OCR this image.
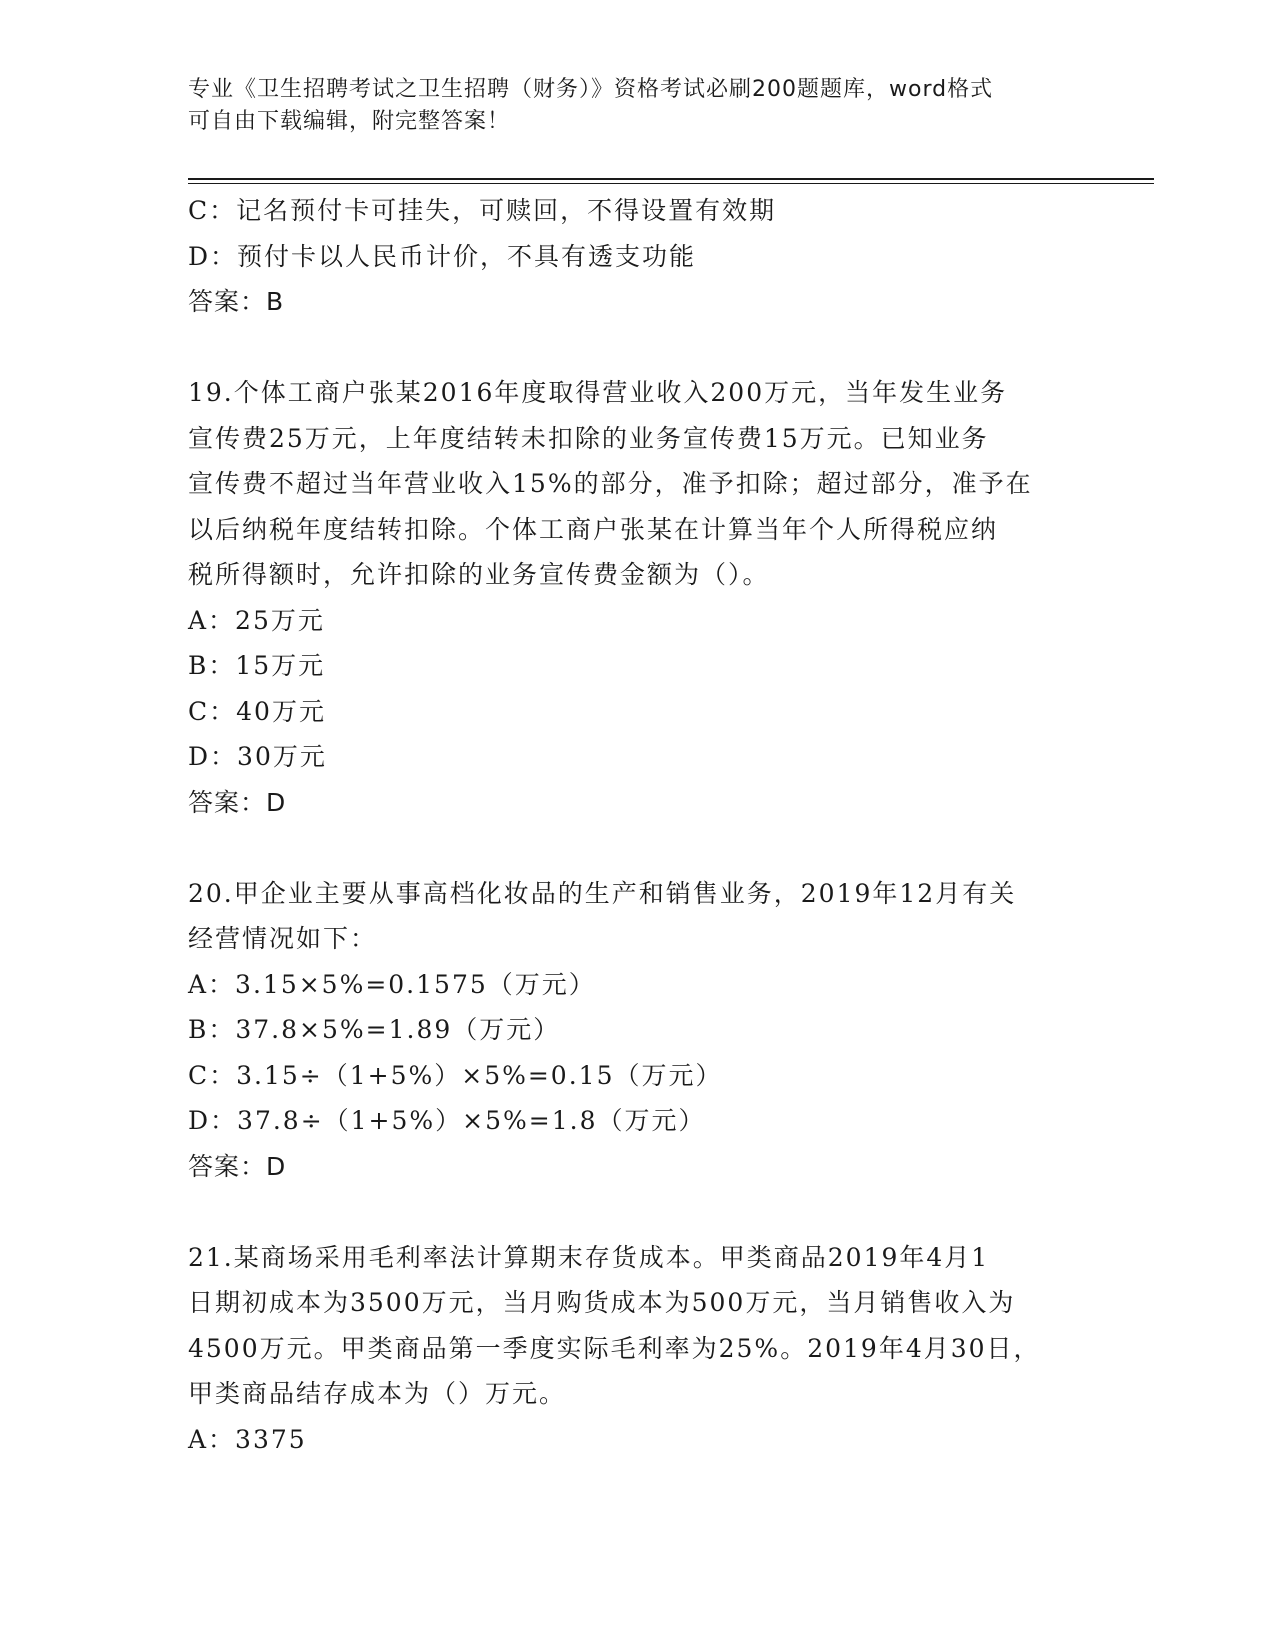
专业《卫生招聘考试之卫生招聘（财务）》资格考试必刷200题题库，word格式
可自由下载编辑，附完整答案！
C：记名预付卡可挂失，可赎回，不得设置有效期
D：预付卡以人民币计价，不具有透支功能
答案：B
19.个体工商户张某2016年度取得营业收入200万元，当年发生业务
宣传费25万元，上年度结转未扣除的业务宣传费15万元。已知业务
宣传费不超过当年营业收入15%的部分，准予扣除；超过部分，准予在
以后纳税年度结转扣除。个体工商户张某在计算当年个人所得税应纳
税所得额时，允许扣除的业务宣传费金额为（）。
A：25万元
B：15万元
C：40万元
D：30万元
答案：D
20.甲企业主要从事高档化妆品的生产和销售业务，2019年12月有关
经营情况如下：
A：3.15×5%=0.1575（万元）
B：37.8×5%=1.89（万元）
C：3.15÷（1+5%）×5%=0.15（万元）
D：37.8÷（1+5%）×5%=1.8（万元）
答案：D
21.某商场采用毛利率法计算期末存货成本。甲类商品2019年4月1
日期初成本为3500万元，当月购货成本为500万元，当月销售收入为
4500万元。甲类商品第一季度实际毛利率为25%。2019年4月30日，
甲类商品结存成本为（）万元。
A：3375
